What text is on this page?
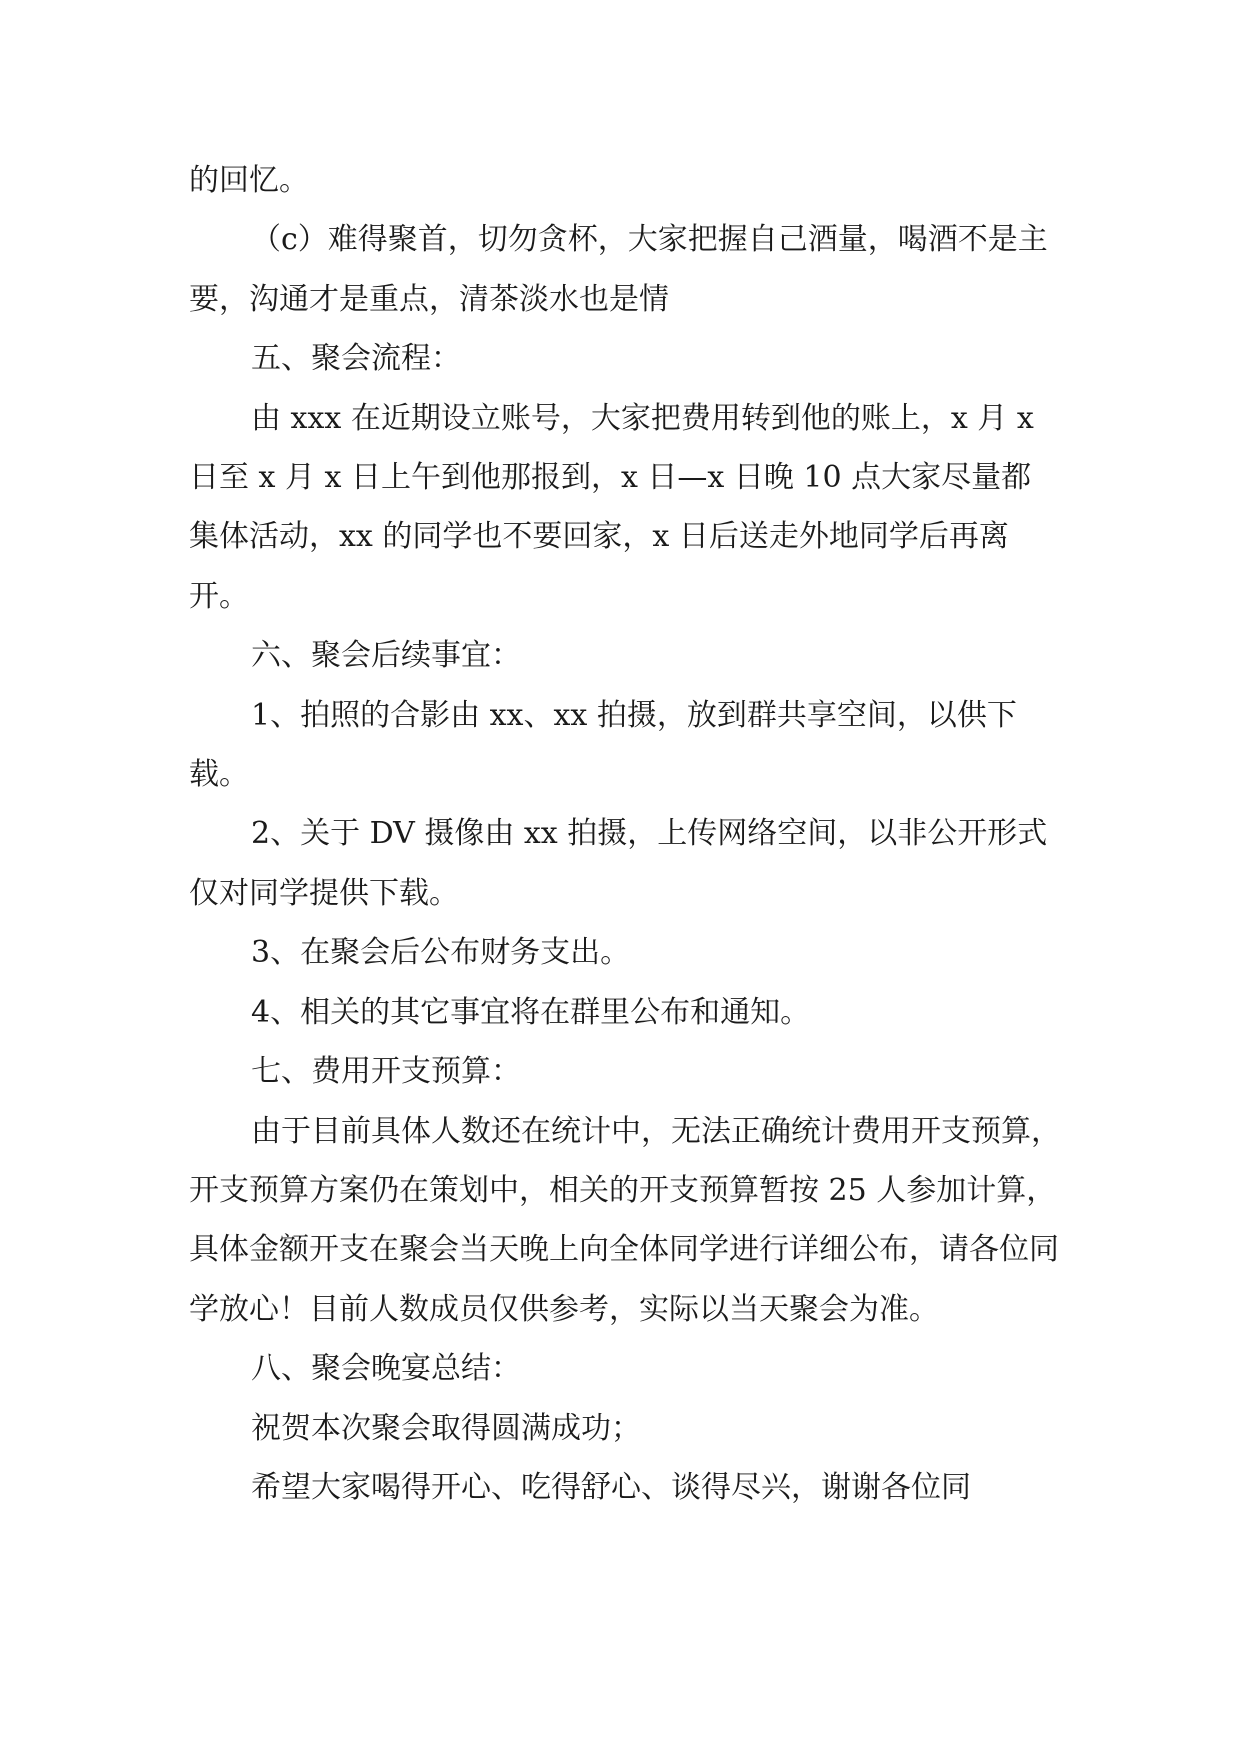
的回忆。

（c）难得聚首，切勿贪杯，大家把握自己酒量，喝酒不是主要，沟通才是重点，清茶淡水也是情

五、聚会流程：

由 xxx 在近期设立账号，大家把费用转到他的账上，x 月 x 日至 x 月 x 日上午到他那报到，x 日—x 日晚 10 点大家尽量都集体活动，xx 的同学也不要回家，x 日后送走外地同学后再离开。

六、聚会后续事宜：

1、拍照的合影由 xx、xx 拍摄，放到群共享空间，以供下载。

2、关于 DV 摄像由 xx 拍摄，上传网络空间，以非公开形式仅对同学提供下载。

3、在聚会后公布财务支出。

4、相关的其它事宜将在群里公布和通知。

七、费用开支预算：

由于目前具体人数还在统计中，无法正确统计费用开支预算，开支预算方案仍在策划中，相关的开支预算暂按 25 人参加计算，具体金额开支在聚会当天晚上向全体同学进行详细公布，请各位同学放心！目前人数成员仅供参考，实际以当天聚会为准。

八、聚会晚宴总结：

祝贺本次聚会取得圆满成功；

希望大家喝得开心、吃得舒心、谈得尽兴，谢谢各位同
